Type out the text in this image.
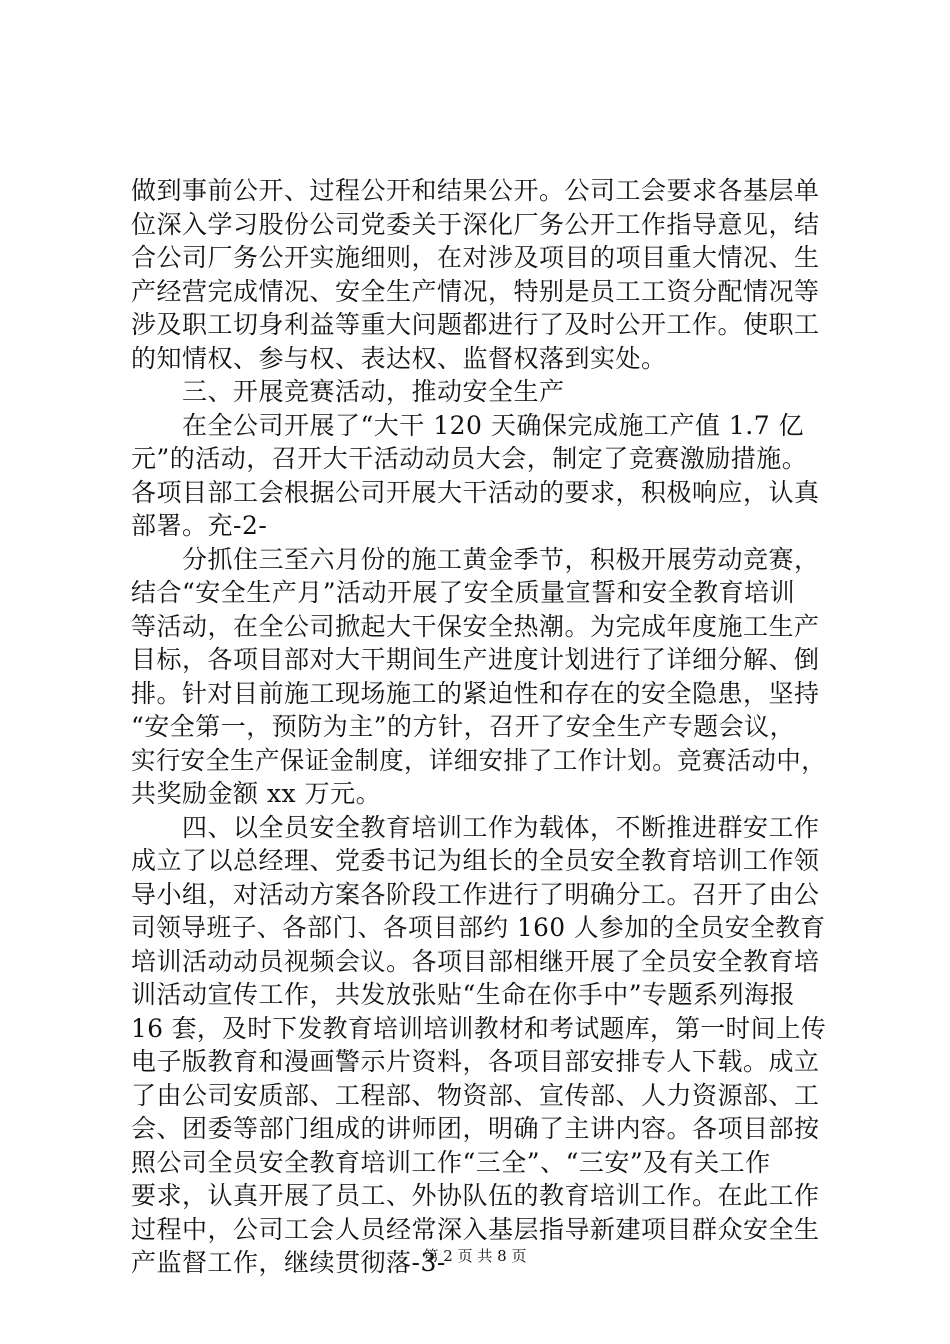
做到事前公开、过程公开和结果公开。公司工会要求各基层单
位深入学习股份公司党委关于深化厂务公开工作指导意见，结
合公司厂务公开实施细则，在对涉及项目的项目重大情况、生
产经营完成情况、安全生产情况，特别是员工工资分配情况等
涉及职工切身利益等重大问题都进行了及时公开工作。使职工
的知情权、参与权、表达权、监督权落到实处。
　　三、开展竞赛活动，推动安全生产
　　在全公司开展了“大干 120 天确保完成施工产值 1.7 亿
元”的活动，召开大干活动动员大会，制定了竞赛激励措施。
各项目部工会根据公司开展大干活动的要求，积极响应，认真
部署。充-2-
　　分抓住三至六月份的施工黄金季节，积极开展劳动竞赛，
结合“安全生产月”活动开展了安全质量宣誓和安全教育培训
等活动，在全公司掀起大干保安全热潮。为完成年度施工生产
目标，各项目部对大干期间生产进度计划进行了详细分解、倒
排。针对目前施工现场施工的紧迫性和存在的安全隐患，坚持
“安全第一，预防为主”的方针，召开了安全生产专题会议，
实行安全生产保证金制度，详细安排了工作计划。竞赛活动中，
共奖励金额 xx 万元。
　　四、以全员安全教育培训工作为载体，不断推进群安工作
成立了以总经理、党委书记为组长的全员安全教育培训工作领
导小组，对活动方案各阶段工作进行了明确分工。召开了由公
司领导班子、各部门、各项目部约 160 人参加的全员安全教育
培训活动动员视频会议。各项目部相继开展了全员安全教育培
训活动宣传工作，共发放张贴“生命在你手中”专题系列海报
16 套，及时下发教育培训培训教材和考试题库，第一时间上传
电子版教育和漫画警示片资料，各项目部安排专人下载。成立
了由公司安质部、工程部、物资部、宣传部、人力资源部、工
会、团委等部门组成的讲师团，明确了主讲内容。各项目部按
照公司全员安全教育培训工作“三全”、“三安”及有关工作
要求，认真开展了员工、外协队伍的教育培训工作。在此工作
过程中，公司工会人员经常深入基层指导新建项目群众安全生
产监督工作，继续贯彻落-3-
第 2 页 共 8 页
